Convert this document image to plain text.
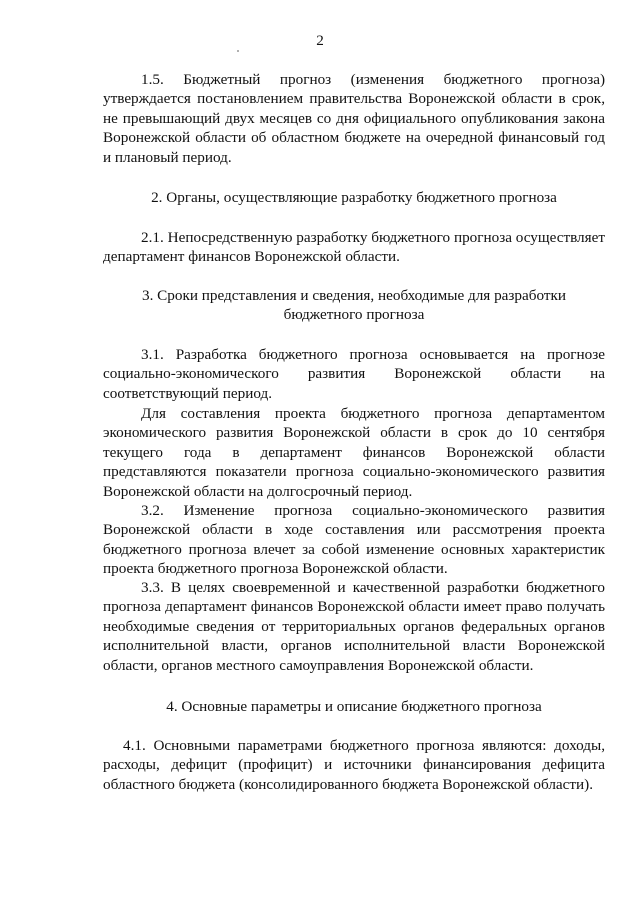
2
1.5. Бюджетный прогноз (изменения бюджетного прогноза)
утверждается постановлением правительства Воронежской области в срок,
не превышающий двух месяцев со дня официального опубликования закона
Воронежской области об областном бюджете на очередной финансовый год
и плановый период.
2. Органы, осуществляющие разработку бюджетного прогноза
2.1. Непосредственную разработку бюджетного прогноза осуществляет
департамент финансов Воронежской области.
3. Сроки представления и сведения, необходимые для разработки
бюджетного прогноза
3.1. Разработка бюджетного прогноза основывается на прогнозе
социально-экономического развития Воронежской области на
соответствующий период.
Для составления проекта бюджетного прогноза департаментом
экономического развития Воронежской области в срок до 10 сентября
текущего года в департамент финансов Воронежской области
представляются показатели прогноза социально-экономического развития
Воронежской области на долгосрочный период.
3.2. Изменение прогноза социально-экономического развития
Воронежской области в ходе составления или рассмотрения проекта
бюджетного прогноза влечет за собой изменение основных характеристик
проекта бюджетного прогноза Воронежской области.
3.3. В целях своевременной и качественной разработки бюджетного
прогноза департамент финансов Воронежской области имеет право получать
необходимые сведения от территориальных органов федеральных органов
исполнительной власти, органов исполнительной власти Воронежской
области, органов местного самоуправления Воронежской области.
4. Основные параметры и описание бюджетного прогноза
4.1. Основными параметрами бюджетного прогноза являются: доходы,
расходы, дефицит (профицит) и источники финансирования дефицита
областного бюджета (консолидированного бюджета Воронежской области).
